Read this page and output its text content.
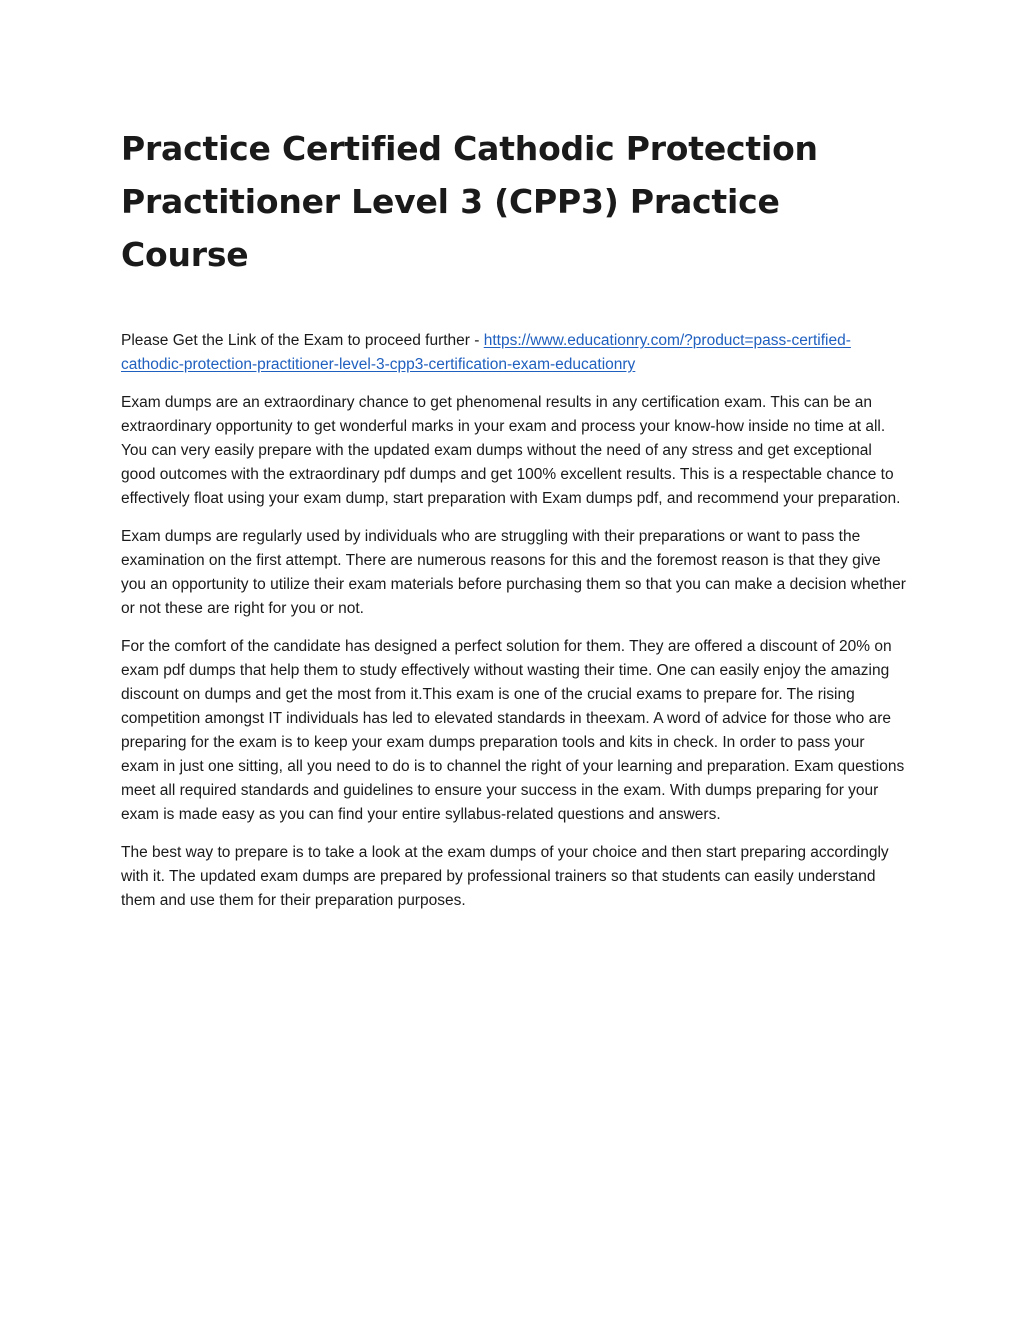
Practice Certified Cathodic Protection Practitioner Level 3 (CPP3) Practice Course

Please Get the Link of the Exam to proceed further - https://www.educationry.com/?product=pass-certified-cathodic-protection-practitioner-level-3-cpp3-certification-exam-educationry

Exam dumps are an extraordinary chance to get phenomenal results in any certification exam. This can be an extraordinary opportunity to get wonderful marks in your exam and process your know-how inside no time at all. You can very easily prepare with the updated exam dumps without the need of any stress and get exceptional good outcomes with the extraordinary pdf dumps and get 100% excellent results. This is a respectable chance to effectively float using your exam dump, start preparation with Exam dumps pdf, and recommend your preparation.

Exam dumps are regularly used by individuals who are struggling with their preparations or want to pass the examination on the first attempt. There are numerous reasons for this and the foremost reason is that they give you an opportunity to utilize their exam materials before purchasing them so that you can make a decision whether or not these are right for you or not.

For the comfort of the candidate has designed a perfect solution for them. They are offered a discount of 20% on exam pdf dumps that help them to study effectively without wasting their time. One can easily enjoy the amazing discount on dumps and get the most from it.This exam is one of the crucial exams to prepare for. The rising competition amongst IT individuals has led to elevated standards in theexam. A word of advice for those who are preparing for the exam is to keep your exam dumps preparation tools and kits in check. In order to pass your exam in just one sitting, all you need to do is to channel the right of your learning and preparation. Exam questions meet all required standards and guidelines to ensure your success in the exam. With dumps preparing for your exam is made easy as you can find your entire syllabus-related questions and answers.

The best way to prepare is to take a look at the exam dumps of your choice and then start preparing accordingly with it. The updated exam dumps are prepared by professional trainers so that students can easily understand them and use them for their preparation purposes.
